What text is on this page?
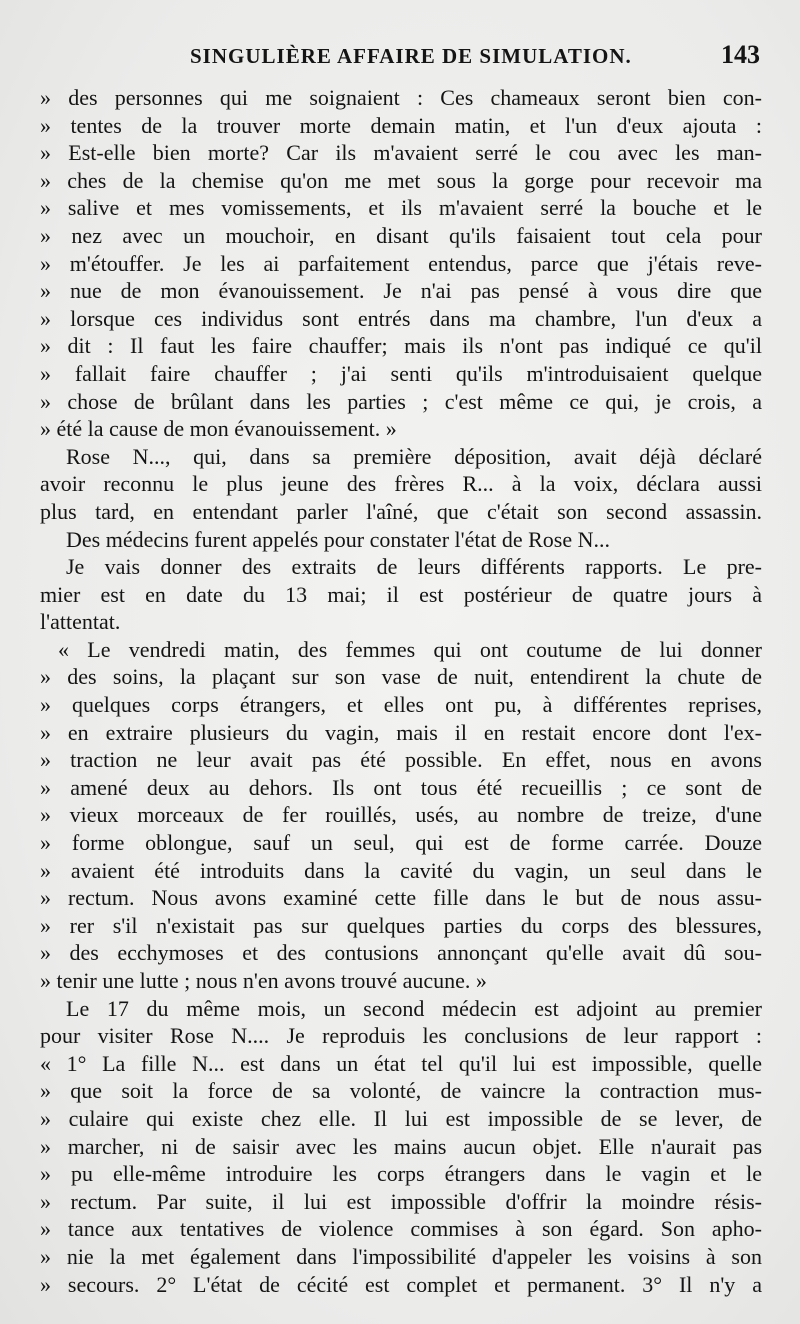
SINGULIÈRE AFFAIRE DE SIMULATION.	143
» des personnes qui me soignaient : Ces chameaux seront bien con-
» tentes de la trouver morte demain matin, et l'un d'eux ajouta :
» Est-elle bien morte? Car ils m'avaient serré le cou avec les man-
» ches de la chemise qu'on me met sous la gorge pour recevoir ma
» salive et mes vomissements, et ils m'avaient serré la bouche et le
» nez avec un mouchoir, en disant qu'ils faisaient tout cela pour
» m'étouffer. Je les ai parfaitement entendus, parce que j'étais reve-
» nue de mon évanouissement. Je n'ai pas pensé à vous dire que
» lorsque ces individus sont entrés dans ma chambre, l'un d'eux a
» dit : Il faut les faire chauffer; mais ils n'ont pas indiqué ce qu'il
» fallait faire chauffer ; j'ai senti qu'ils m'introduisaient quelque
» chose de brûlant dans les parties ; c'est même ce qui, je crois, a
» été la cause de mon évanouissement. »
Rose N..., qui, dans sa première déposition, avait déjà déclaré
avoir reconnu le plus jeune des frères R... à la voix, déclara aussi
plus tard, en entendant parler l'aîné, que c'était son second assassin.
Des médecins furent appelés pour constater l'état de Rose N...
Je vais donner des extraits de leurs différents rapports. Le pre-
mier est en date du 13 mai; il est postérieur de quatre jours à
l'attentat.
« Le vendredi matin, des femmes qui ont coutume de lui donner
» des soins, la plaçant sur son vase de nuit, entendirent la chute de
» quelques corps étrangers, et elles ont pu, à différentes reprises,
» en extraire plusieurs du vagin, mais il en restait encore dont l'ex-
» traction ne leur avait pas été possible. En effet, nous en avons
» amené deux au dehors. Ils ont tous été recueillis ; ce sont de
» vieux morceaux de fer rouillés, usés, au nombre de treize, d'une
» forme oblongue, sauf un seul, qui est de forme carrée. Douze
» avaient été introduits dans la cavité du vagin, un seul dans le
» rectum. Nous avons examiné cette fille dans le but de nous assu-
» rer s'il n'existait pas sur quelques parties du corps des blessures,
» des ecchymoses et des contusions annonçant qu'elle avait dû sou-
» tenir une lutte ; nous n'en avons trouvé aucune. »
Le 17 du même mois, un second médecin est adjoint au premier
pour visiter Rose N.... Je reproduis les conclusions de leur rapport :
« 1° La fille N... est dans un état tel qu'il lui est impossible, quelle
» que soit la force de sa volonté, de vaincre la contraction mus-
» culaire qui existe chez elle. Il lui est impossible de se lever, de
» marcher, ni de saisir avec les mains aucun objet. Elle n'aurait pas
» pu elle-même introduire les corps étrangers dans le vagin et le
» rectum. Par suite, il lui est impossible d'offrir la moindre résis-
» tance aux tentatives de violence commises à son égard. Son apho-
» nie la met également dans l'impossibilité d'appeler les voisins à son
» secours. 2° L'état de cécité est complet et permanent. 3° Il n'y a
